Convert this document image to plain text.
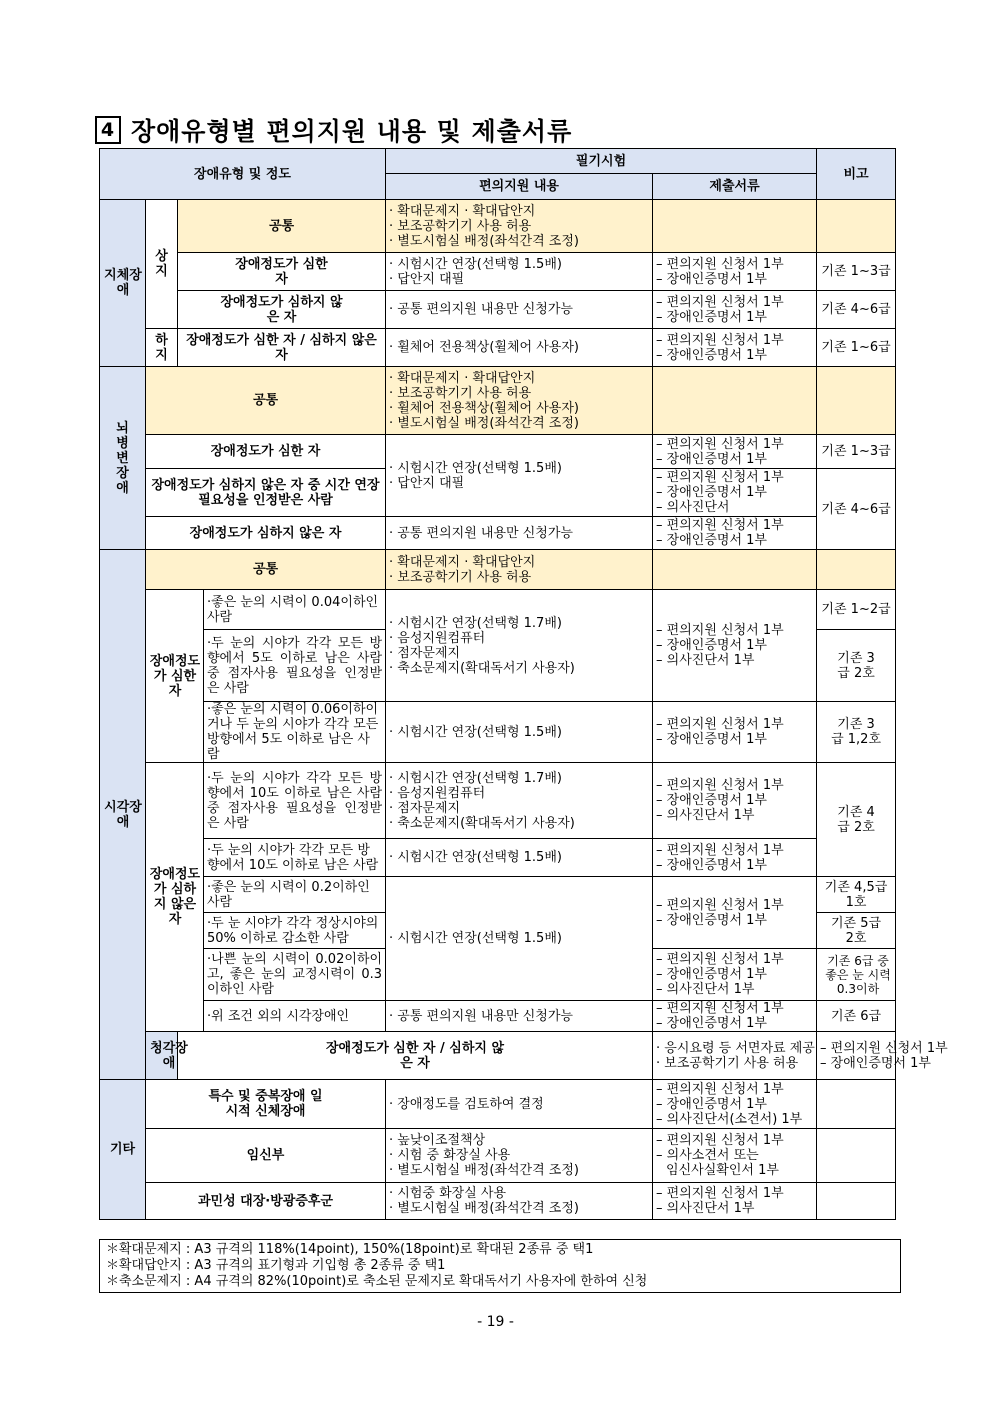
4 장애유형별 편의지원 내용 및 제출서류
장애유형 및 정도				필기시험		비고	
				편의지원 내용	제출서류		
지체장애	상지	공통		· 확대문제지 · 확대답안지
· 보조공학기기 사용 허용
· 별도시험실 배정(좌석간격 조정)			

		장애정도가 심한 자		· 시험시간 연장(선택형 1.5배)
· 답안지 대필	– 편의지원 신청서 1부
– 장애인증명서 1부	기존 1~3급	
		장애정도가 심하지 않은 자		· 공통 편의지원 내용만 신청가능	– 편의지원 신청서 1부
– 장애인증명서 1부	기존 4~6급	
	하지	장애정도가 심한 자 / 심하지 않은 자		· 휠체어 전용책상(휠체어 사용자)	– 편의지원 신청서 1부
– 장애인증명서 1부	기존 1~6급	
뇌병변장애	공통			· 확대문제지 · 확대답안지
· 보조공학기기 사용 허용
· 휠체어 전용책상(휠체어 사용자)
· 별도시험실 배정(좌석간격 조정)			

	장애정도가 심한 자			· 시험시간 연장(선택형 1.5배)
· 답안지 대필	– 편의지원 신청서 1부
– 장애인증명서 1부	기존 1~3급	
	장애정도가 심하지 않은 자 중 시간 연장 필요성을 인정받은 사람				– 편의지원 신청서 1부
– 장애인증명서 1부
– 의사진단서	기존 4~6급	
	장애정도가 심하지 않은 자			· 공통 편의지원 내용만 신청가능	– 편의지원 신청서 1부
– 장애인증명서 1부		

시각장애	공통			· 확대문제지 · 확대답안지
· 보조공학기기 사용 허용			

	장애정도가 심한 자		·좋은 눈의 시력이 0.04이하인 사람	· 시험시간 연장(선택형 1.7배)
· 음성지원컴퓨터
· 점자문제지
· 축소문제지(확대독서기 사용자)	– 편의지원 신청서 1부
– 장애인증명서 1부
– 의사진단서 1부	기존 1~2급	
			·두 눈의 시야가 각각 모든 방향에서 5도 이하로 남은 사람 중 점자사용 필요성을 인정받은 사람			기존 3급 2호	
			·좋은 눈의 시력이 0.06이하이거나 두 눈의 시야가 각각 모든 방향에서 5도 이하로 남은 사람	· 시험시간 연장(선택형 1.5배)	– 편의지원 신청서 1부
– 장애인증명서 1부	기존 3급 1,2호	
	장애정도가 심하지 않은 자		·두 눈의 시야가 각각 모든 방향에서 10도 이하로 남은 사람 중 점자사용 필요성을 인정받은 사람	· 시험시간 연장(선택형 1.7배)
· 음성지원컴퓨터
· 점자문제지
· 축소문제지(확대독서기 사용자)	– 편의지원 신청서 1부
– 장애인증명서 1부
– 의사진단서 1부	기존 4급 2호	
			·두 눈의 시야가 각각 모든 방향에서 10도 이하로 남은 사람	· 시험시간 연장(선택형 1.5배)	– 편의지원 신청서 1부
– 장애인증명서 1부		

			·좋은 눈의 시력이 0.2이하인 사람	· 시험시간 연장(선택형 1.5배)	– 편의지원 신청서 1부
– 장애인증명서 1부	기존 4,5급 1호	
			·두 눈 시야가 각각 정상시야의 50% 이하로 감소한 사람			기존 5급 2호	
			·나쁜 눈의 시력이 0.02이하이고, 좋은 눈의 교정시력이 0.3이하인 사람		– 편의지원 신청서 1부
– 장애인증명서 1부
– 의사진단서 1부	기존 6급 중 좋은 눈 시력 0.3이하	
			·위 조건 외의 시각장애인	· 공통 편의지원 내용만 신청가능	– 편의지원 신청서 1부
– 장애인증명서 1부	기존 6급	
	청각장애	장애정도가 심한 자 / 심하지 않은 자			· 응시요령 등 서면자료 제공
· 보조공학기기 사용 허용	– 편의지원 신청서 1부
– 장애인증명서 1부

기타	특수 및 중복장애 일시적 신체장애			· 장애정도를 검토하여 결정	– 편의지원 신청서 1부
– 장애인증명서 1부
– 의사진단서(소견서) 1부		

	임신부			· 높낮이조절책상
· 시험 중 화장실 사용
· 별도시험실 배정(좌석간격 조정)	– 편의지원 신청서 1부
– 의사소견서 또는
임신사실확인서 1부		

	과민성 대장·방광증후군			· 시험중 화장실 사용
· 별도시험실 배정(좌석간격 조정)	– 편의지원 신청서 1부
– 의사진단서 1부		

＊확대문제지 : A3 규격의 118%(14point), 150%(18point)로 확대된 2종류 중 택1
＊확대답안지 : A3 규격의 표기형과 기입형 총 2종류 중 택1
＊축소문제지 : A4 규격의 82%(10point)로 축소된 문제지로 확대독서기 사용자에 한하여 신청
- 19 -
